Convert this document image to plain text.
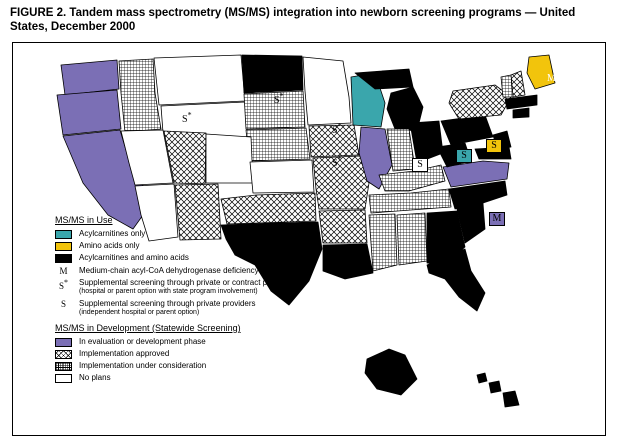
FIGURE 2. Tandem mass spectrometry (MS/MS) integration into newborn screening programs — United States, December 2000
M
S*
S*
S*
S*	S
S
S
M
S
MS/MS in Use
Acylcarnitines only
Amino acids only
Acylcarnitines and amino acids
M	Medium-chain acyl-CoA dehydrogenase deficiency only
S*	Supplemental screening through private or contract providers
(hospital or parent option with state program involvement)
S	Supplemental screening through private providers
(independent hospital or parent option)
MS/MS in Development (Statewide Screening)
In evaluation or development phase
Implementation approved
Implementation under consideration
No plans
